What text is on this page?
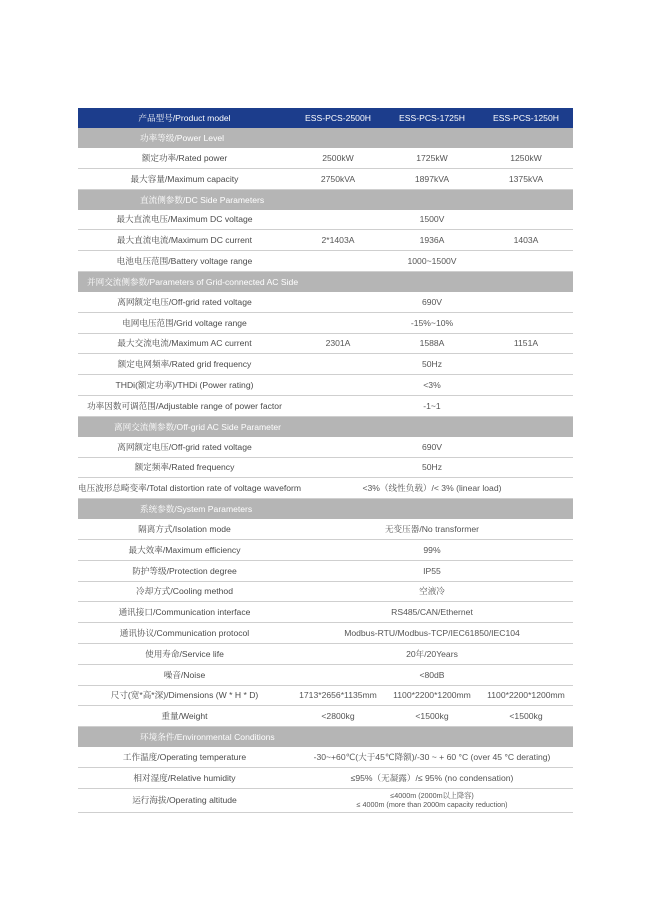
产品型号/Product model	ESS-PCS-2500H	ESS-PCS-1725H	ESS-PCS-1250H
功率等级/Power Level			
额定功率/Rated power	2500kW	1725kW	1250kW
最大容量/Maximum capacity	2750kVA	1897kVA	1375kVA
直流侧参数/DC Side Parameters			
最大直流电压/Maximum DC voltage	1500V		
最大直流电流/Maximum DC current	2*1403A	1936A	1403A
电池电压范围/Battery voltage range	1000~1500V		
并网交流侧参数/Parameters of Grid-connected AC Side			
离网额定电压/Off-grid rated voltage	690V		
电网电压范围/Grid voltage range	-15%~10%		
最大交流电流/Maximum AC current	2301A	1588A	1151A
额定电网频率/Rated grid frequency	50Hz		
THDi(额定功率)/THDi (Power rating)	<3%		
功率因数可调范围/Adjustable range of power factor	-1~1		
离网交流侧参数/Off-grid AC Side Parameter			
离网额定电压/Off-grid rated voltage	690V		
额定频率/Rated frequency	50Hz		
电压波形总畸变率/Total distortion rate of voltage waveform	<3%（线性负载）/< 3% (linear load)		
系统参数/System Parameters			
隔离方式/Isolation mode	无变压器/No transformer		
最大效率/Maximum efficiency	99%		
防护等级/Protection degree	IP55		
冷却方式/Cooling method	空液冷		
通讯接口/Communication interface	RS485/CAN/Ethernet		
通讯协议/Communication protocol	Modbus-RTU/Modbus-TCP/IEC61850/IEC104		
使用寿命/Service life	20年/20Years		
噪音/Noise	<80dB		
尺寸(宽*高*深)/Dimensions (W * H * D)	1713*2656*1135mm	1100*2200*1200mm	1100*2200*1200mm
重量/Weight	<2800kg	<1500kg	<1500kg
环境条件/Environmental Conditions			
工作温度/Operating temperature	-30~+60℃(大于45℃降额)/-30 ~ + 60 °C (over 45 °C derating)		
相对湿度/Relative humidity	≤95%（无凝露）/≤ 95% (no condensation)		
运行海拔/Operating altitude	≤4000m (2000m以上降容)
≤ 4000m (more than 2000m capacity reduction)		
